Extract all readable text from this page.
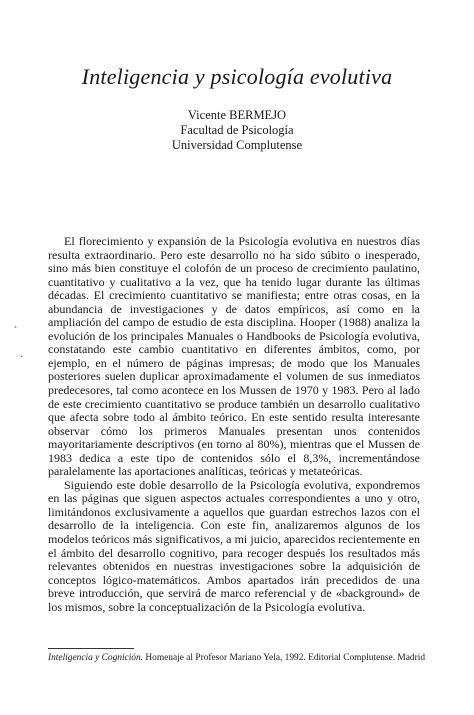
Inteligencia y psicología evolutiva
Vicente BERMEJO
Facultad de Psicología
Universidad Complutense

El florecimiento y expansión de la Psicología evolutiva en nuestros días resulta extraordinario. Pero este desarrollo no ha sido súbito o inesperado, sino más bien constituye el colofón de un proceso de crecimiento paulatino, cuantitativo y cualitativo a la vez, que ha tenido lugar durante las últimas décadas. El crecimiento cuantitativo se manifiesta; entre otras cosas, en la abundancia de investigaciones y de datos empíricos, así como en la ampliación del campo de estudio de esta disciplina. Hooper (1988) analiza la evolución de los principales Manuales o Handbooks de Psicología evolutiva, constatando este cambio cuantitativo en diferentes ámbitos, como, por ejemplo, en el número de páginas impresas; de modo que los Manuales posteriores suelen duplicar aproximadamente el volumen de sus inmediatos predecesores, tal como acontece en los Mussen de 1970 y 1983. Pero al lado de este crecimiento cuantitativo se produce también un desarrollo cualitativo que afecta sobre todo al ámbito teórico. En este sentido resulta interesante observar cómo los primeros Manuales presentan unos contenidos mayoritariamente descriptivos (en torno al 80%), mientras que el Mussen de 1983 dedica a este tipo de contenidos sólo el 8,3%, incrementándose paralelamente las aportaciones analíticas, teóricas y metateóricas.

Siguiendo este doble desarrollo de la Psicología evolutiva, expondremos en las páginas que siguen aspectos actuales correspondientes a uno y otro, limitándonos exclusivamente a aquellos que guardan estrechos lazos con el desarrollo de la inteligencia. Con este fin, analizaremos algunos de los modelos teóricos más significativos, a mi juicio, aparecidos recientemente en el ámbito del desarrollo cognitivo, para recoger después los resultados más relevantes obtenidos en nuestras investigaciones sobre la adquisición de conceptos lógico-matemáticos. Ambos apartados irán precedidos de una breve introducción, que servirá de marco referencial y de «background» de los mismos, sobre la conceptualización de la Psicología evolutiva.

Inteligencia y Cognición. Homenaje al Profesor Mariano Yela, 1992. Editorial Complutense. Madrid
˛
·
